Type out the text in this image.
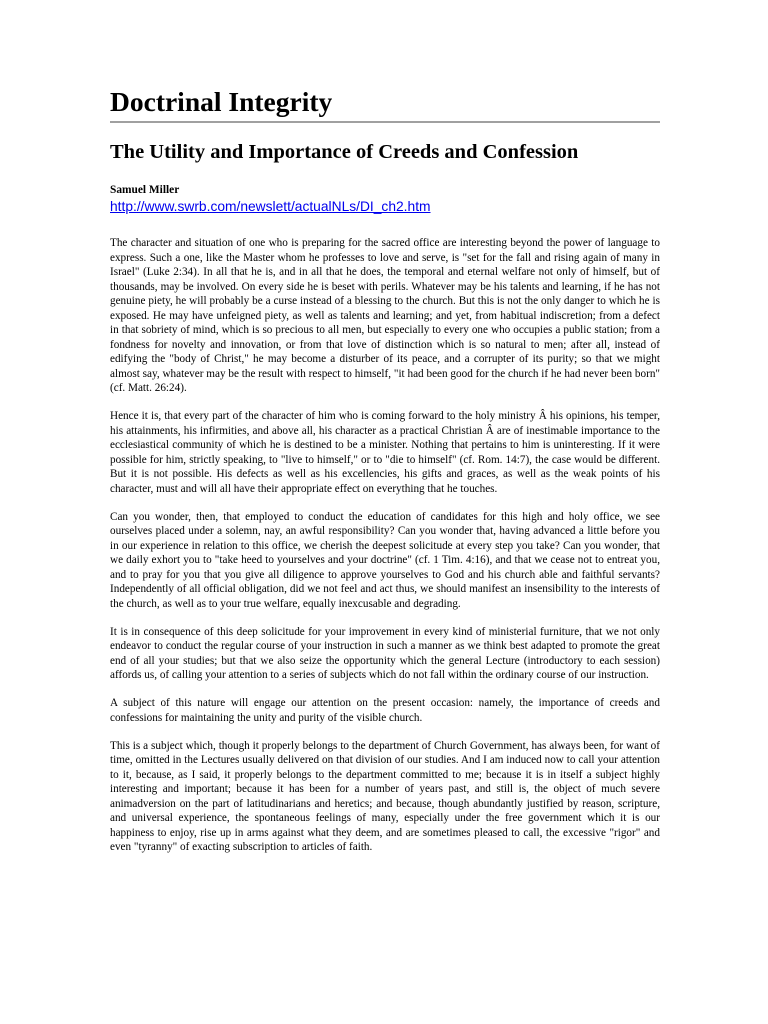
Doctrinal Integrity
The Utility and Importance of Creeds and Confession
Samuel Miller
http://www.swrb.com/newslett/actualNLs/DI_ch2.htm

The character and situation of one who is preparing for the sacred office are interesting beyond the power of language to express. Such a one, like the Master whom he professes to love and serve, is "set for the fall and rising again of many in Israel" (Luke 2:34). In all that he is, and in all that he does, the temporal and eternal welfare not only of himself, but of thousands, may be involved. On every side he is beset with perils. Whatever may be his talents and learning, if he has not genuine piety, he will probably be a curse instead of a blessing to the church. But this is not the only danger to which he is exposed. He may have unfeigned piety, as well as talents and learning; and yet, from habitual indiscretion; from a defect in that sobriety of mind, which is so precious to all men, but especially to every one who occupies a public station; from a fondness for novelty and innovation, or from that love of distinction which is so natural to men; after all, instead of edifying the "body of Christ," he may become a disturber of its peace, and a corrupter of its purity; so that we might almost say, whatever may be the result with respect to himself, "it had been good for the church if he had never been born" (cf. Matt. 26:24).

Hence it is, that every part of the character of him who is coming forward to the holy ministry Â his opinions, his temper, his attainments, his infirmities, and above all, his character as a practical Christian Â are of inestimable importance to the ecclesiastical community of which he is destined to be a minister. Nothing that pertains to him is uninteresting. If it were possible for him, strictly speaking, to "live to himself," or to "die to himself" (cf. Rom. 14:7), the case would be different. But it is not possible. His defects as well as his excellencies, his gifts and graces, as well as the weak points of his character, must and will all have their appropriate effect on everything that he touches.

Can you wonder, then, that employed to conduct the education of candidates for this high and holy office, we see ourselves placed under a solemn, nay, an awful responsibility? Can you wonder that, having advanced a little before you in our experience in relation to this office, we cherish the deepest solicitude at every step you take? Can you wonder, that we daily exhort you to "take heed to yourselves and your doctrine" (cf. 1 Tim. 4:16), and that we cease not to entreat you, and to pray for you that you give all diligence to approve yourselves to God and his church able and faithful servants? Independently of all official obligation, did we not feel and act thus, we should manifest an insensibility to the interests of the church, as well as to your true welfare, equally inexcusable and degrading.

It is in consequence of this deep solicitude for your improvement in every kind of ministerial furniture, that we not only endeavor to conduct the regular course of your instruction in such a manner as we think best adapted to promote the great end of all your studies; but that we also seize the opportunity which the general Lecture (introductory to each session) affords us, of calling your attention to a series of subjects which do not fall within the ordinary course of our instruction.

A subject of this nature will engage our attention on the present occasion: namely, the importance of creeds and confessions for maintaining the unity and purity of the visible church.

This is a subject which, though it properly belongs to the department of Church Government, has always been, for want of time, omitted in the Lectures usually delivered on that division of our studies. And I am induced now to call your attention to it, because, as I said, it properly belongs to the department committed to me; because it is in itself a subject highly interesting and important; because it has been for a number of years past, and still is, the object of much severe animadversion on the part of latitudinarians and heretics; and because, though abundantly justified by reason, scripture, and universal experience, the spontaneous feelings of many, especially under the free government which it is our happiness to enjoy, rise up in arms against what they deem, and are sometimes pleased to call, the excessive "rigor" and even "tyranny" of exacting subscription to articles of faith.
